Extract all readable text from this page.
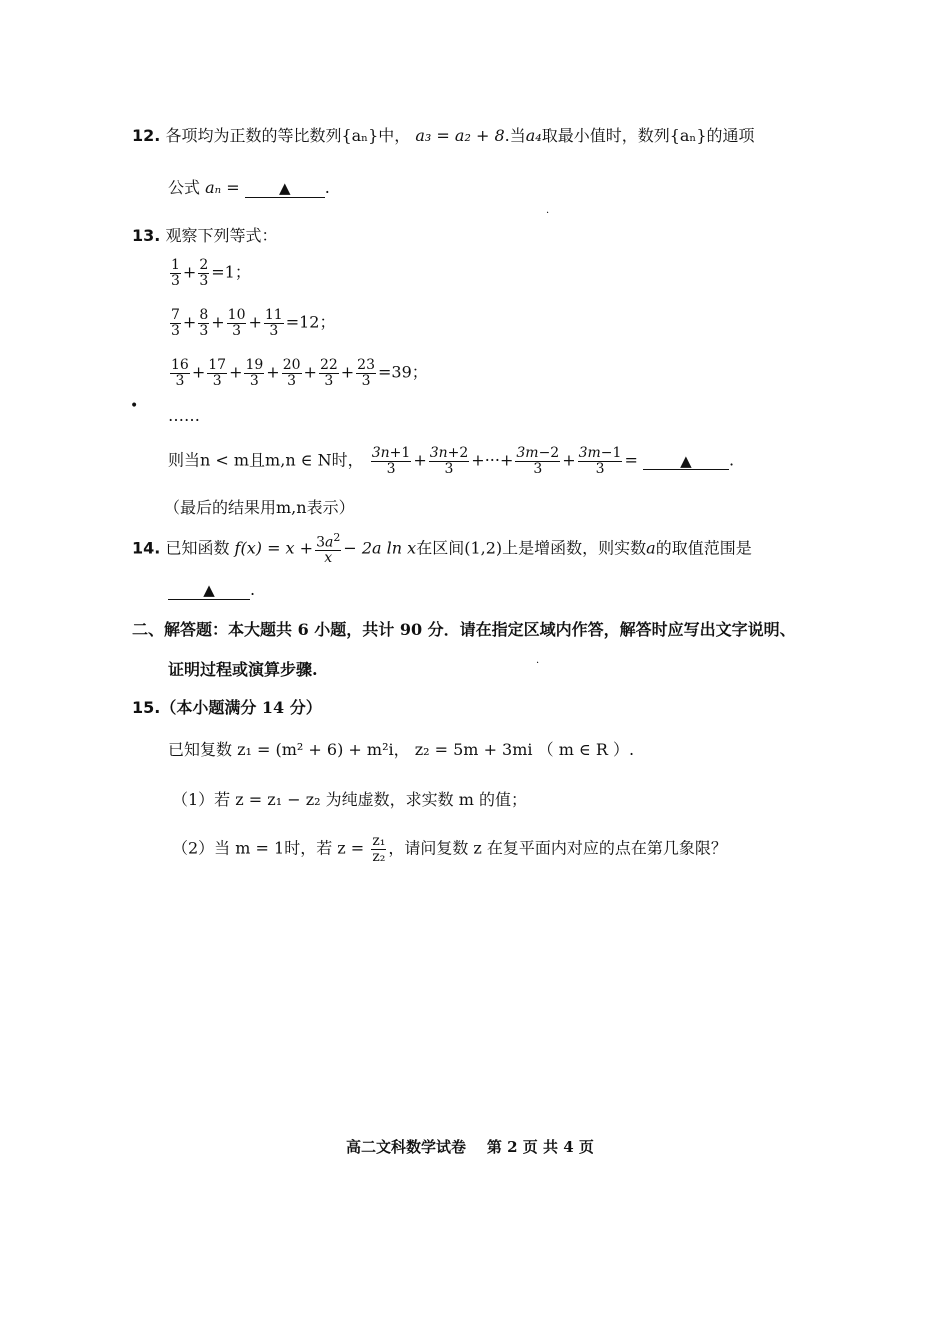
12. 各项均为正数的等比数列{aₙ}中， a₃ = a₂ + 8.当a₄取最小值时，数列{aₙ}的通项
公式 aₙ =	▲ .
·
13. 观察下列等式：
$\frac{1}{3} + \frac{2}{3} =1$；
$\frac{7}{3} + \frac{8}{3} + \frac{10}{3} + \frac{11}{3} =12$；
$\frac{16}{3} + \frac{17}{3} + \frac{19}{3} + \frac{20}{3} + \frac{22}{3} + \frac{23}{3} =39$；
• ……
则当n < m且m,n ∈ N时， $\frac{3n+1}{3} + \frac{3n+2}{3}$ +···+ $\frac{3m-2}{3} + \frac{3m-1}{3}$ = ▲ .
（最后的结果用m,n表示）
14. 已知函数 $f(x) = x + \frac{3a^2}{x} - 2a$ ln x在区间(1,2)上是增函数，则实数a的取值范围是
▲ .
二、解答题：本大题共 6 小题，共计 90 分．请在指定区域内作答，解答时应写出文字说明、
证明过程或演算步骤.	·
15.（本小题满分 14 分）
已知复数 z₁ = (m² + 6) + m²i， z₂ = 5m + 3mi （ m ∈ R ）.
（1）若 z = z₁ − z₂ 为纯虚数，求实数 m 的值；
（2）当 m = 1时，若 $z = \frac{\text{z₁}}{\text{z₂}}$ ，请问复数 z 在复平面内对应的点在第几象限？
高二文科数学试卷    第 2 页 共 4 页
